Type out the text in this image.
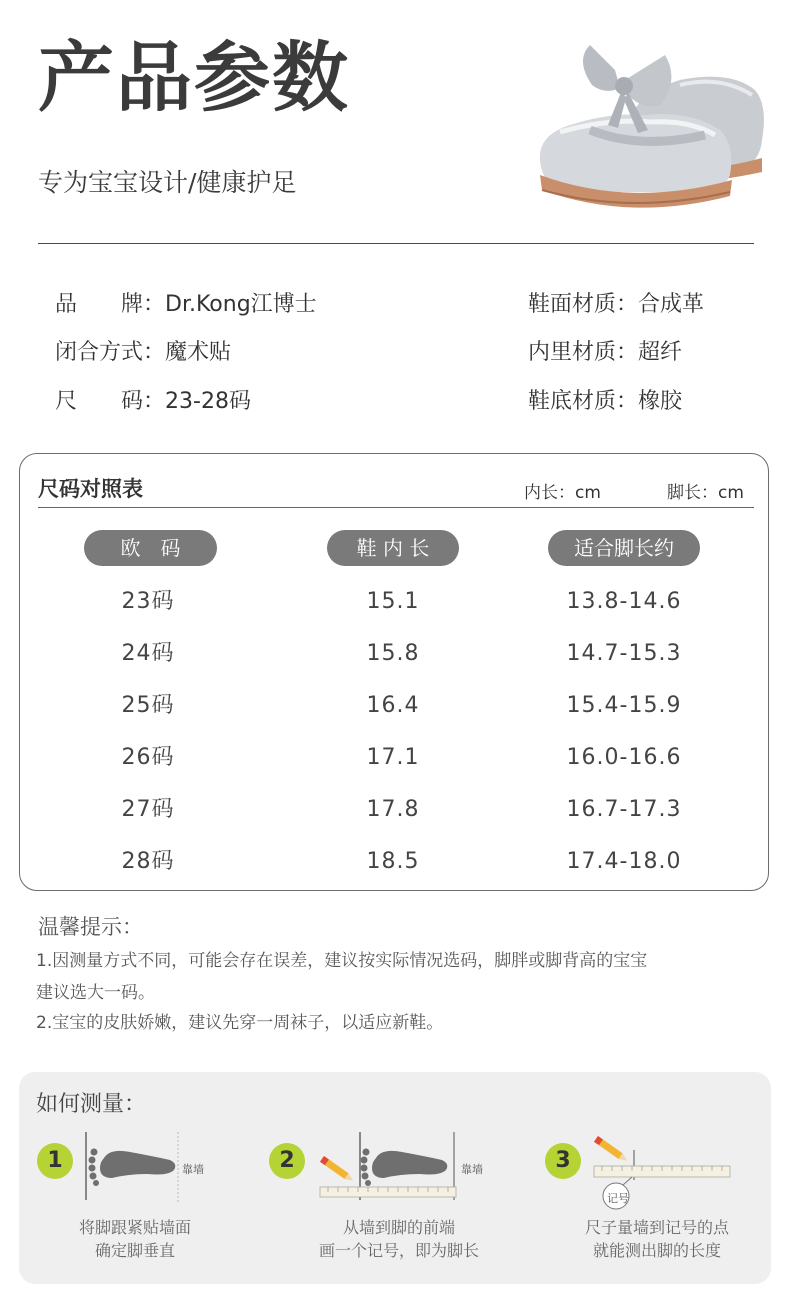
产品参数
专为宝宝设计/健康护足
品　　牌：Dr.Kong江博士
闭合方式：魔术贴
尺　　码：23-28码
鞋面材质：合成革
内里材质：超纤
鞋底材质：橡胶
尺码对照表	内长：cm	脚长：cm
欧　码	鞋 内 长	适合脚长约
23码	15.1	13.8-14.6
24码	15.8	14.7-15.3
25码	16.4	15.4-15.9
26码	17.1	16.0-16.6
27码	17.8	16.7-17.3
28码	18.5	17.4-18.0
温馨提示：
1.因测量方式不同，可能会存在误差，建议按实际情况选码，脚胖或脚背高的宝宝
建议选大一码。
2.宝宝的皮肤娇嫩，建议先穿一周袜子，以适应新鞋。
如何测量：
1	靠墙
将脚跟紧贴墙面
确定脚垂直
2	靠墙
从墙到脚的前端
画一个记号，即为脚长
3
记号
尺子量墙到记号的点
就能测出脚的长度
